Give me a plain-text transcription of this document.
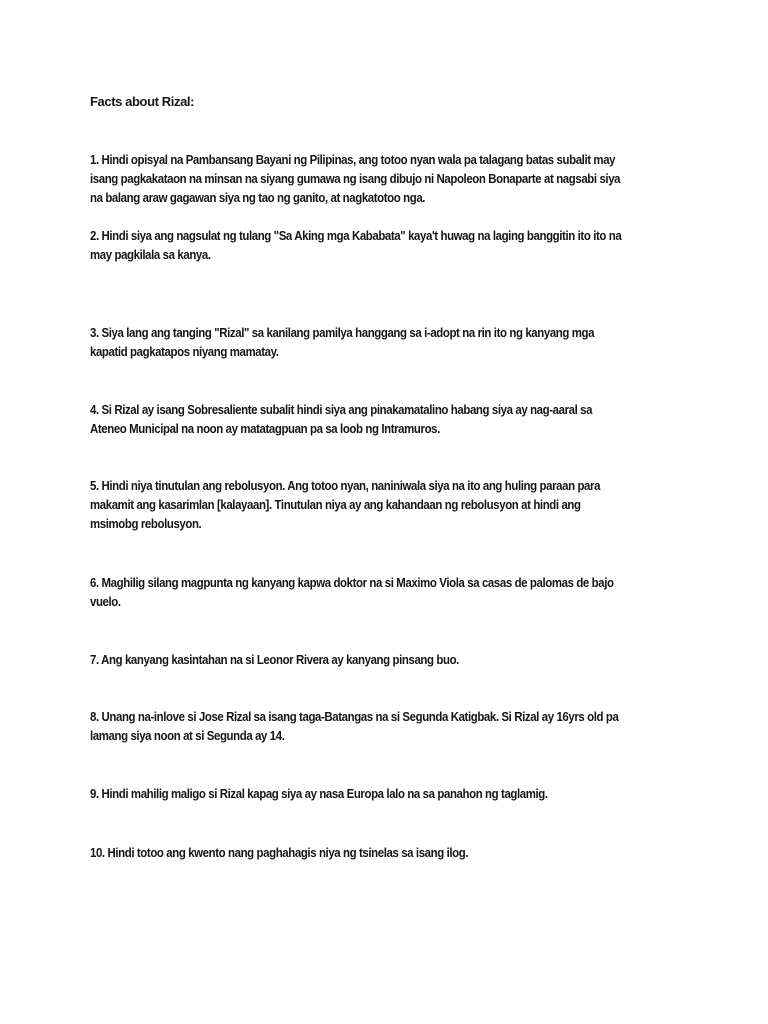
Facts about Rizal:
1. Hindi opisyal na Pambansang Bayani ng Pilipinas, ang totoo nyan wala pa talagang batas subalit may
isang pagkakataon na minsan na siyang gumawa ng isang dibujo ni Napoleon Bonaparte at nagsabi siya
na balang araw gagawan siya ng tao ng ganito, at nagkatotoo nga.
2. Hindi siya ang nagsulat ng tulang "Sa Aking mga Kababata" kaya't huwag na laging banggitin ito ito na
may pagkilala sa kanya.
3. Siya lang ang tanging "Rizal" sa kanilang pamilya hanggang sa i-adopt na rin ito ng kanyang mga
kapatid pagkatapos niyang mamatay.
4. Si Rizal ay isang Sobresaliente subalit hindi siya ang pinakamatalino habang siya ay nag-aaral sa
Ateneo Municipal na noon ay matatagpuan pa sa loob ng Intramuros.
5. Hindi niya tinutulan ang rebolusyon. Ang totoo nyan, naniniwala siya na ito ang huling paraan para
makamit ang kasarimlan [kalayaan]. Tinutulan niya ay ang kahandaan ng rebolusyon at hindi ang
msimobg rebolusyon.
6. Maghilig silang magpunta ng kanyang kapwa doktor na si Maximo Viola sa casas de palomas de bajo
vuelo.
7. Ang kanyang kasintahan na si Leonor Rivera ay kanyang pinsang buo.
8. Unang na-inlove si Jose Rizal sa isang taga-Batangas na si Segunda Katigbak. Si Rizal ay 16yrs old pa
lamang siya noon at si Segunda ay 14.
9. Hindi mahilig maligo si Rizal kapag siya ay nasa Europa lalo na sa panahon ng taglamig.
10. Hindi totoo ang kwento nang paghahagis niya ng tsinelas sa isang ilog.
